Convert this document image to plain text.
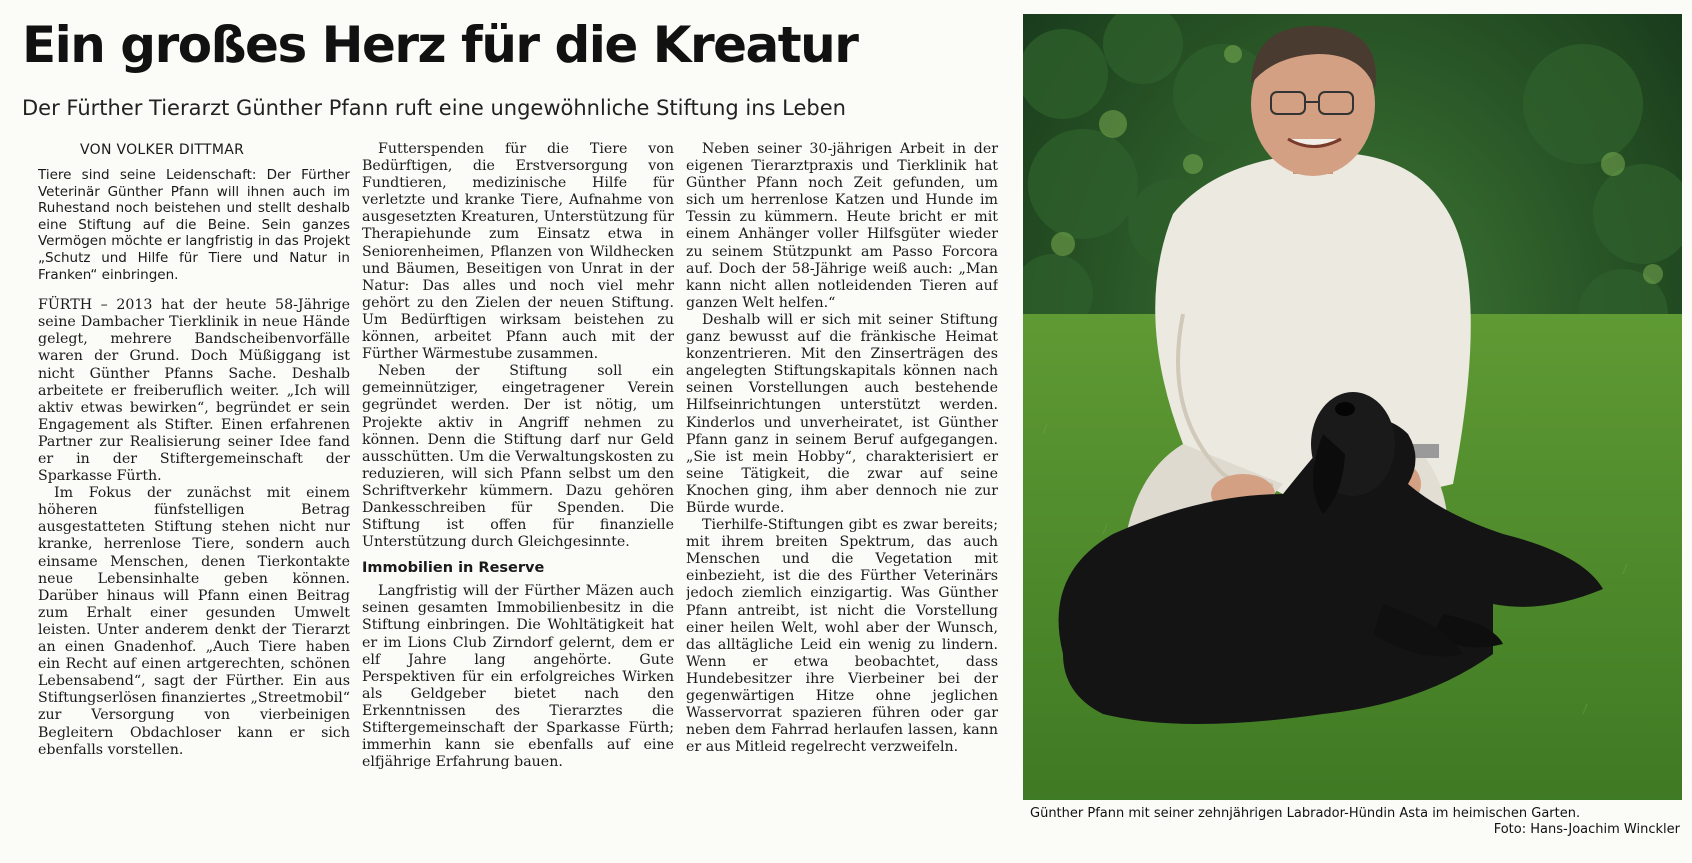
Ein großes Herz für die Kreatur
Der Fürther Tierarzt Günther Pfann ruft eine ungewöhnliche Stiftung ins Leben
VON VOLKER DITTMAR

Tiere sind seine Leidenschaft: Der Fürther Veterinär Günther Pfann will ihnen auch im Ruhestand noch beistehen und stellt deshalb eine Stiftung auf die Beine. Sein ganzes Vermögen möchte er langfristig in das Projekt „Schutz und Hilfe für Tiere und Natur in Franken“ einbringen.

FÜRTH – 2013 hat der heute 58-Jährige seine Dambacher Tierklinik in neue Hände gelegt, mehrere Bandscheibenvorfälle waren der Grund. Doch Müßiggang ist nicht Günther Pfanns Sache. Deshalb arbeitete er freiberuflich weiter. „Ich will aktiv etwas bewirken“, begründet er sein Engagement als Stifter. Einen erfahrenen Partner zur Realisierung seiner Idee fand er in der Stiftergemeinschaft der Sparkasse Fürth.

Im Fokus der zunächst mit einem höheren fünfstelligen Betrag ausgestatteten Stiftung stehen nicht nur kranke, herrenlose Tiere, sondern auch einsame Menschen, denen Tierkontakte neue Lebensinhalte geben können. Darüber hinaus will Pfann einen Beitrag zum Erhalt einer gesunden Umwelt leisten. Unter anderem denkt der Tierarzt an einen Gnadenhof. „Auch Tiere haben ein Recht auf einen artgerechten, schönen Lebensabend“, sagt der Fürther. Ein aus Stiftungserlösen finanziertes „Streetmobil“ zur Versorgung von vierbeinigen Begleitern Obdachloser kann er sich ebenfalls vorstellen.

Futterspenden für die Tiere von Bedürftigen, die Erstversorgung von Fundtieren, medizinische Hilfe für verletzte und kranke Tiere, Aufnahme von ausgesetzten Kreaturen, Unterstützung für Therapiehunde zum Einsatz etwa in Seniorenheimen, Pflanzen von Wildhecken und Bäumen, Beseitigen von Unrat in der Natur: Das alles und noch viel mehr gehört zu den Zielen der neuen Stiftung. Um Bedürftigen wirksam beistehen zu können, arbeitet Pfann auch mit der Fürther Wärmestube zusammen.

Neben der Stiftung soll ein gemeinnütziger, eingetragener Verein gegründet werden. Der ist nötig, um Projekte aktiv in Angriff nehmen zu können. Denn die Stiftung darf nur Geld ausschütten. Um die Verwaltungskosten zu reduzieren, will sich Pfann selbst um den Schriftverkehr kümmern. Dazu gehören Dankesschreiben für Spenden. Die Stiftung ist offen für finanzielle Unterstützung durch Gleichgesinnte.

Immobilien in Reserve

Langfristig will der Fürther Mäzen auch seinen gesamten Immobilienbesitz in die Stiftung einbringen. Die Wohltätigkeit hat er im Lions Club Zirndorf gelernt, dem er elf Jahre lang angehörte. Gute Perspektiven für ein erfolgreiches Wirken als Geldgeber bietet nach den Erkenntnissen des Tierarztes die Stiftergemeinschaft der Sparkasse Fürth; immerhin kann sie ebenfalls auf eine elfjährige Erfahrung bauen.

Neben seiner 30-jährigen Arbeit in der eigenen Tierarztpraxis und Tierklinik hat Günther Pfann noch Zeit gefunden, um sich um herrenlose Katzen und Hunde im Tessin zu kümmern. Heute bricht er mit einem Anhänger voller Hilfsgüter wieder zu seinem Stützpunkt am Passo Forcora auf. Doch der 58-Jährige weiß auch: „Man kann nicht allen notleidenden Tieren auf ganzen Welt helfen.“

Deshalb will er sich mit seiner Stiftung ganz bewusst auf die fränkische Heimat konzentrieren. Mit den Zinserträgen des angelegten Stiftungskapitals können nach seinen Vorstellungen auch bestehende Hilfseinrichtungen unterstützt werden. Kinderlos und unverheiratet, ist Günther Pfann ganz in seinem Beruf aufgegangen. „Sie ist mein Hobby“, charakterisiert er seine Tätigkeit, die zwar auf seine Knochen ging, ihm aber dennoch nie zur Bürde wurde.

Tierhilfe-Stiftungen gibt es zwar bereits; mit ihrem breiten Spektrum, das auch Menschen und die Vegetation mit einbezieht, ist die des Fürther Veterinärs jedoch ziemlich einzigartig. Was Günther Pfann antreibt, ist nicht die Vorstellung einer heilen Welt, wohl aber der Wunsch, das alltägliche Leid ein wenig zu lindern. Wenn er etwa beobachtet, dass Hundebesitzer ihre Vierbeiner bei der gegenwärtigen Hitze ohne jeglichen Wasservorrat spazieren führen oder gar neben dem Fahrrad herlaufen lassen, kann er aus Mitleid regelrecht verzweifeln.

Günther Pfann mit seiner zehnjährigen Labrador-Hündin Asta im heimischen Garten.
Foto: Hans-Joachim Winckler
